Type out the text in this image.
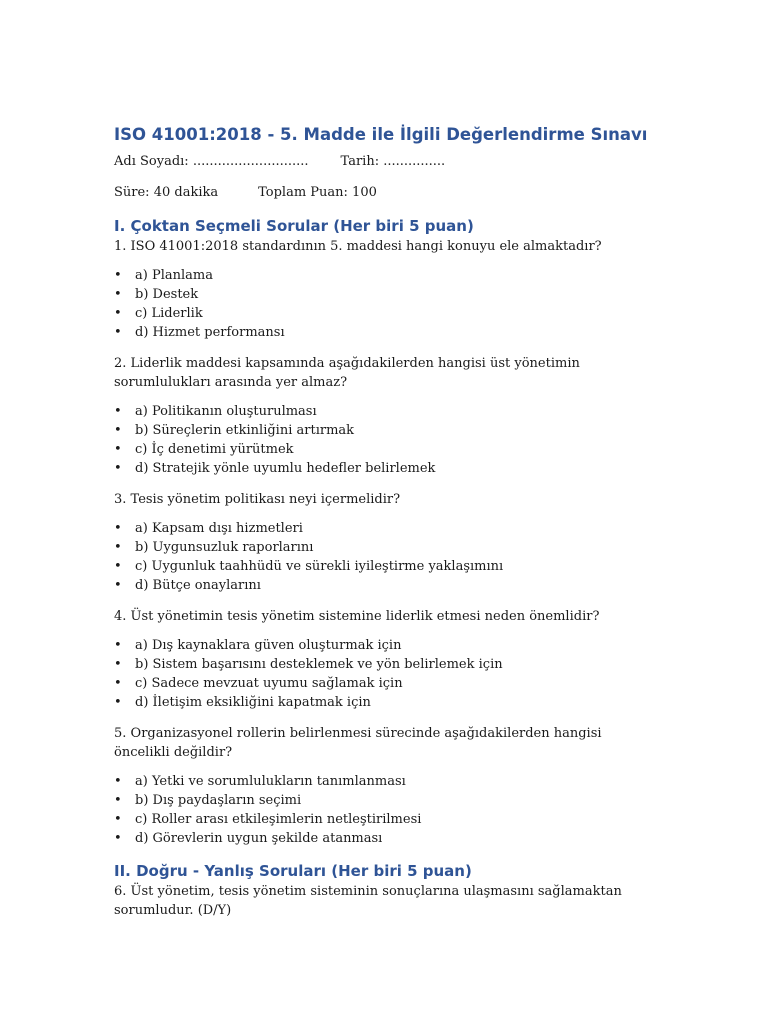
ISO 41001:2018 - 5. Madde ile İlgili Değerlendirme Sınavı
Adı Soyadı: ............................ Tarih: ...............
Süre: 40 dakika	Toplam Puan: 100
I. Çoktan Seçmeli Sorular (Her biri 5 puan)

1. ISO 41001:2018 standardının 5. maddesi hangi konuyu ele almaktadır?

• a) Planlama
• b) Destek
• c) Liderlik
• d) Hizmet performansı

2. Liderlik maddesi kapsamında aşağıdakilerden hangisi üst yönetimin sorumlulukları arasında yer almaz?

• a) Politikanın oluşturulması
• b) Süreçlerin etkinliğini artırmak
• c) İç denetimi yürütmek
• d) Stratejik yönle uyumlu hedefler belirlemek

3. Tesis yönetim politikası neyi içermelidir?

• a) Kapsam dışı hizmetleri
• b) Uygunsuzluk raporlarını
• c) Uygunluk taahhüdü ve sürekli iyileştirme yaklaşımını
• d) Bütçe onaylarını

4. Üst yönetimin tesis yönetim sistemine liderlik etmesi neden önemlidir?

• a) Dış kaynaklara güven oluşturmak için
• b) Sistem başarısını desteklemek ve yön belirlemek için
• c) Sadece mevzuat uyumu sağlamak için
• d) İletişim eksikliğini kapatmak için

5. Organizasyonel rollerin belirlenmesi sürecinde aşağıdakilerden hangisi öncelikli değildir?

• a) Yetki ve sorumlulukların tanımlanması
• b) Dış paydaşların seçimi
• c) Roller arası etkileşimlerin netleştirilmesi
• d) Görevlerin uygun şekilde atanması
II. Doğru - Yanlış Soruları (Her biri 5 puan)

6. Üst yönetim, tesis yönetim sisteminin sonuçlarına ulaşmasını sağlamaktan sorumludur. (D/Y)
